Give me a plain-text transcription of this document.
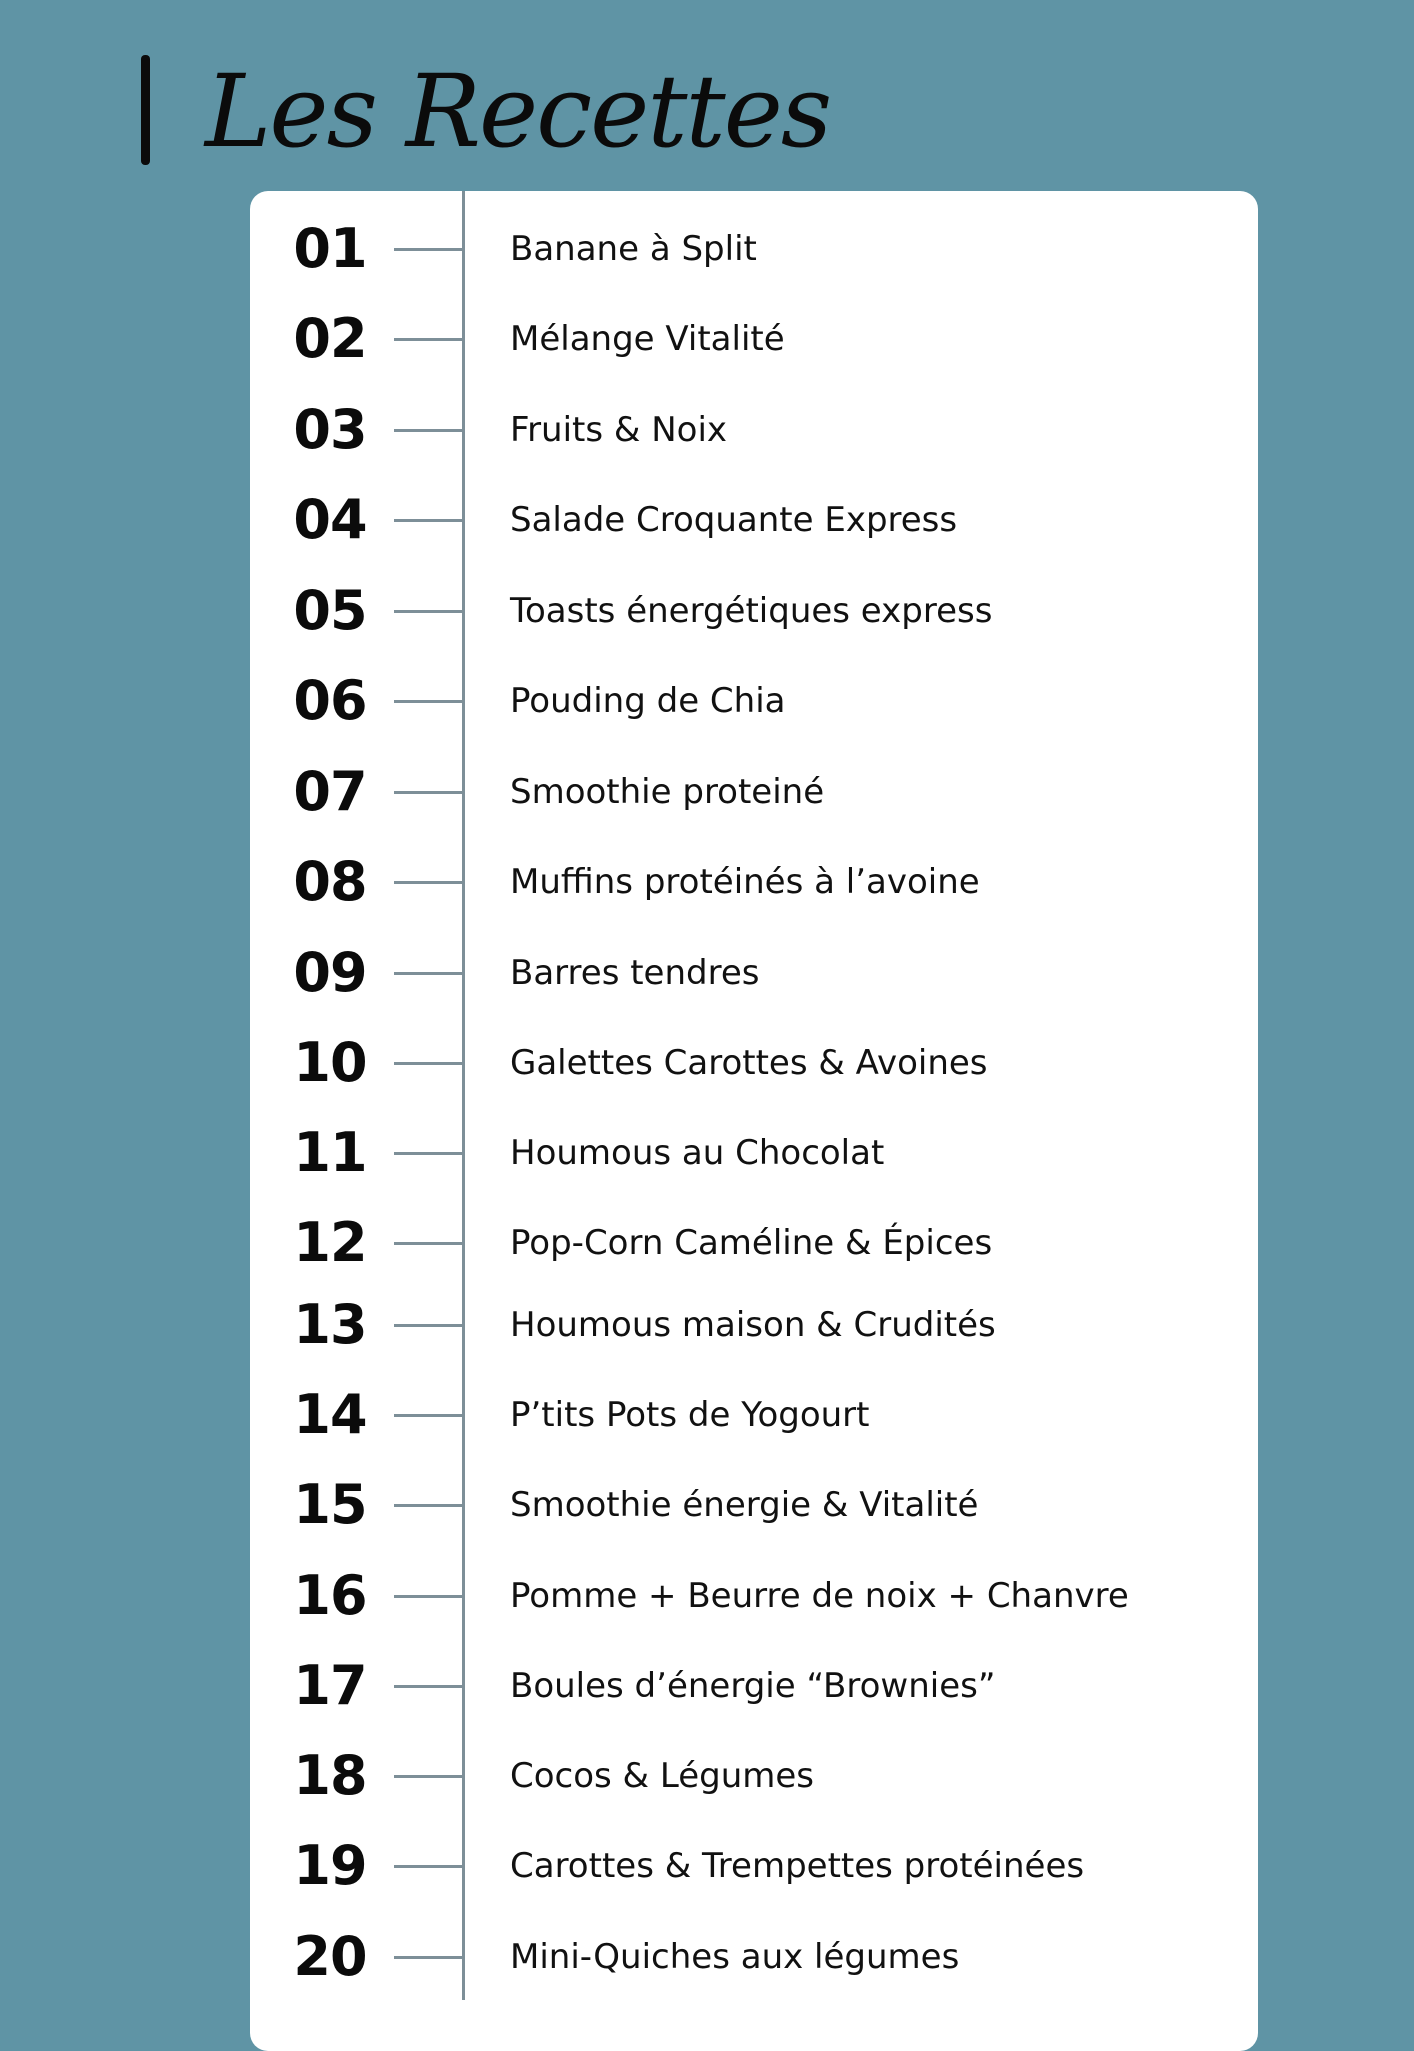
Les Recettes
01	Banane à Split
02	Mélange Vitalité
03	Fruits & Noix
04	Salade Croquante Express
05	Toasts énergétiques express
06	Pouding de Chia
07	Smoothie proteiné
08	Muffins protéinés à l’avoine
09	Barres tendres
10	Galettes Carottes & Avoines
11	Houmous au Chocolat
12	Pop-Corn Caméline & Épices
13	Houmous maison & Crudités
14	P’tits Pots de Yogourt
15	Smoothie énergie & Vitalité
16	Pomme + Beurre de noix + Chanvre
17	Boules d’énergie “Brownies”
18	Cocos & Légumes
19	Carottes & Trempettes protéinées
20	Mini-Quiches aux légumes
